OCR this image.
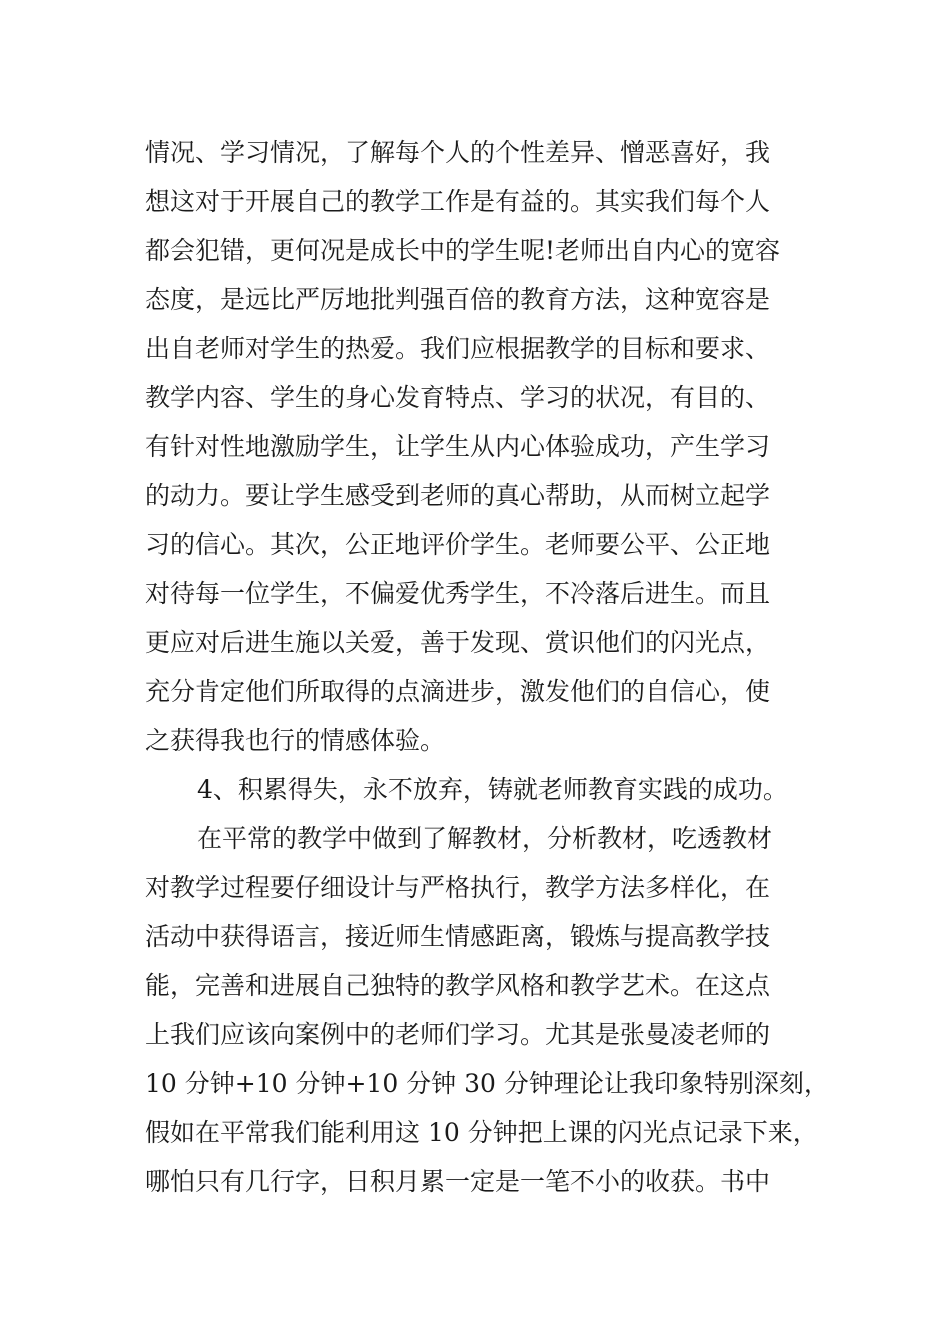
情况、学习情况，了解每个人的个性差异、憎恶喜好，我
想这对于开展自己的教学工作是有益的。其实我们每个人
都会犯错，更何况是成长中的学生呢!老师出自内心的宽容
态度，是远比严厉地批判强百倍的教育方法，这种宽容是
出自老师对学生的热爱。我们应根据教学的目标和要求、
教学内容、学生的身心发育特点、学习的状况，有目的、
有针对性地激励学生，让学生从内心体验成功，产生学习
的动力。要让学生感受到老师的真心帮助，从而树立起学
习的信心。其次，公正地评价学生。老师要公平、公正地
对待每一位学生，不偏爱优秀学生，不冷落后进生。而且
更应对后进生施以关爱，善于发现、赏识他们的闪光点，
充分肯定他们所取得的点滴进步，激发他们的自信心，使
之获得我也行的情感体验。
4、积累得失，永不放弃，铸就老师教育实践的成功。
在平常的教学中做到了解教材，分析教材，吃透教材
对教学过程要仔细设计与严格执行，教学方法多样化，在
活动中获得语言，接近师生情感距离，锻炼与提高教学技
能，完善和进展自己独特的教学风格和教学艺术。在这点
上我们应该向案例中的老师们学习。尤其是张曼凌老师的
10 分钟+10 分钟+10 分钟 30 分钟理论让我印象特别深刻，
假如在平常我们能利用这 10 分钟把上课的闪光点记录下来，
哪怕只有几行字，日积月累一定是一笔不小的收获。书中
